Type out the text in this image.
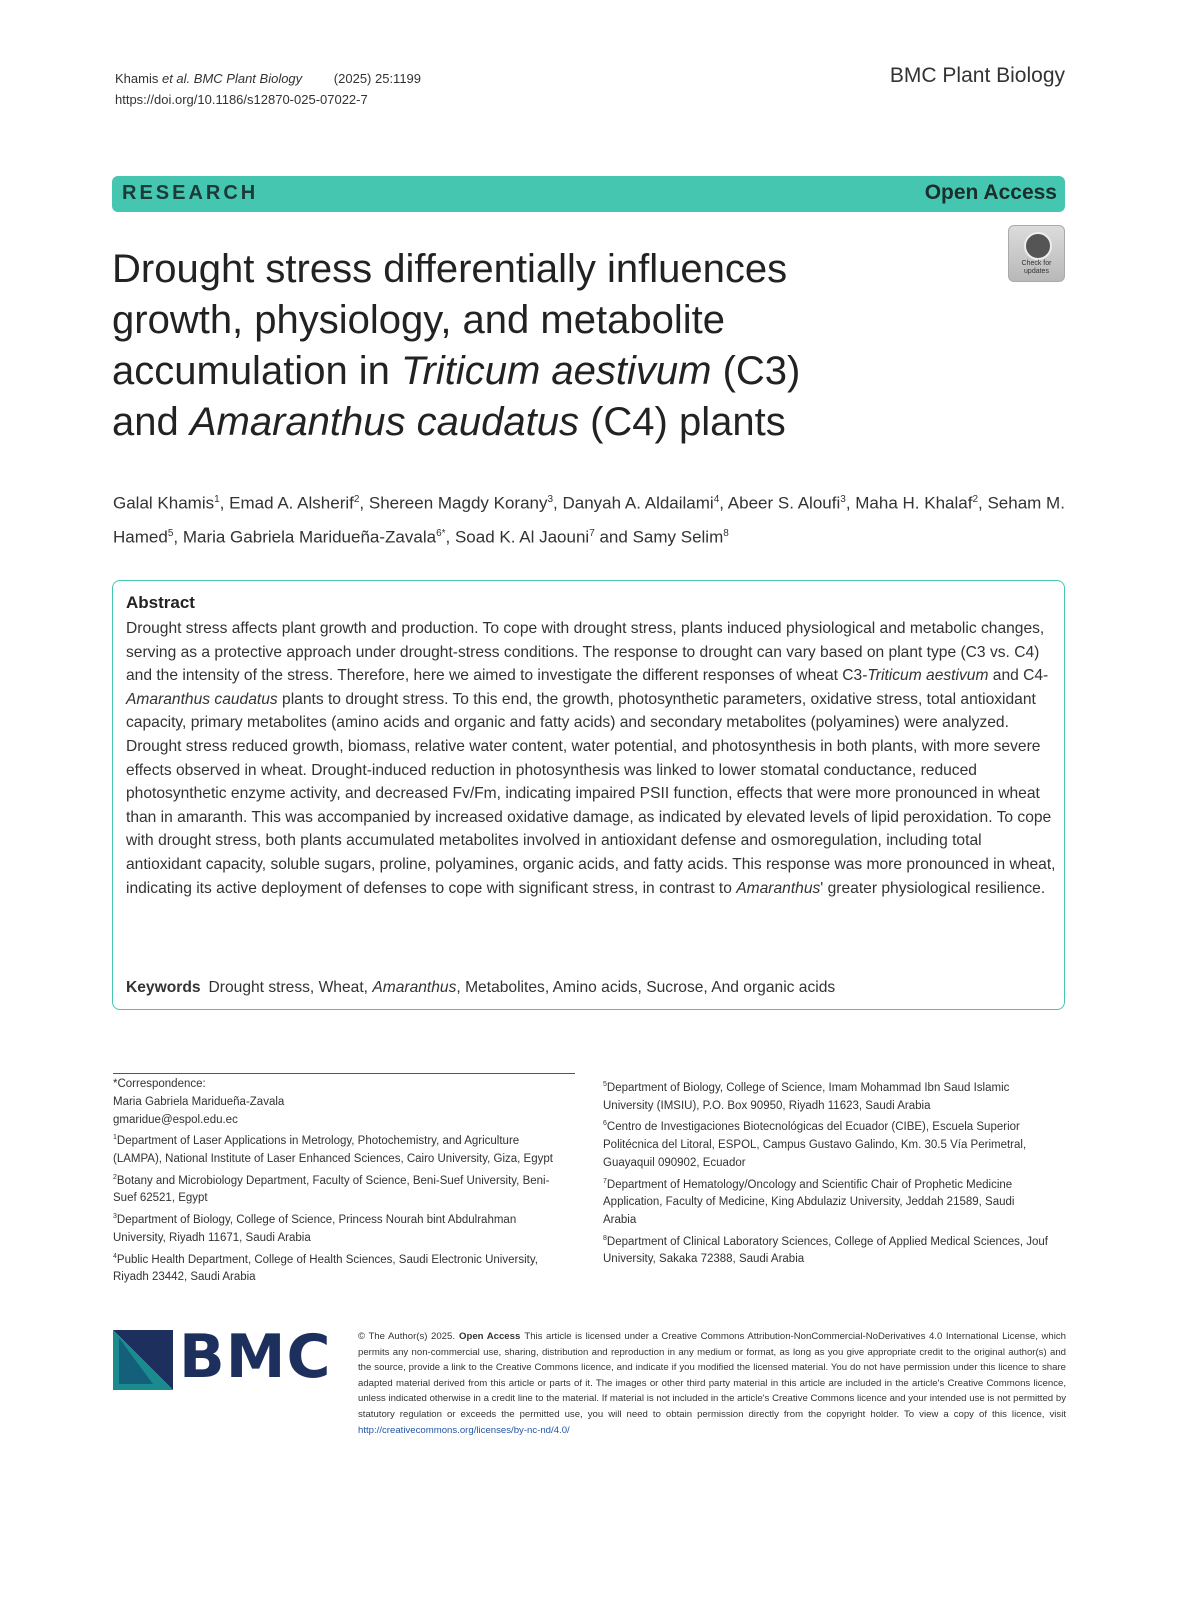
Khamis et al. BMC Plant Biology (2025) 25:1199
https://doi.org/10.1186/s12870-025-07022-7
BMC Plant Biology
RESEARCH	Open Access
Check for
updates
Drought stress differentially influences
growth, physiology, and metabolite
accumulation in Triticum aestivum (C3)
and Amaranthus caudatus (C4) plants
Galal Khamis$^1$, Emad A. Alsherif$^2$, Shereen Magdy Korany$^3$, Danyah A. Aldailami$^4$, Abeer S. Aloufi$^3$, Maha H. Khalaf$^2$, Seham M. Hamed$^5$, Maria Gabriela Maridueña-Zavala$^{6*}$, Soad K. Al Jaouni$^7$ and Samy Selim$^8$
Abstract
Drought stress affects plant growth and production. To cope with drought stress, plants induced physiological and metabolic changes, serving as a protective approach under drought-stress conditions. The response to drought can vary based on plant type (C3 vs. C4) and the intensity of the stress. Therefore, here we aimed to investigate the different responses of wheat C3-Triticum aestivum and C4-Amaranthus caudatus plants to drought stress. To this end, the growth, photosynthetic parameters, oxidative stress, total antioxidant capacity, primary metabolites (amino acids and organic and fatty acids) and secondary metabolites (polyamines) were analyzed. Drought stress reduced growth, biomass, relative water content, water potential, and photosynthesis in both plants, with more severe effects observed in wheat. Drought-induced reduction in photosynthesis was linked to lower stomatal conductance, reduced photosynthetic enzyme activity, and decreased Fv/Fm, indicating impaired PSII function, effects that were more pronounced in wheat than in amaranth. This was accompanied by increased oxidative damage, as indicated by elevated levels of lipid peroxidation. To cope with drought stress, both plants accumulated metabolites involved in antioxidant defense and osmoregulation, including total antioxidant capacity, soluble sugars, proline, polyamines, organic acids, and fatty acids. This response was more pronounced in wheat, indicating its active deployment of defenses to cope with significant stress, in contrast to Amaranthus' greater physiological resilience.
Keywords Drought stress, Wheat, Amaranthus, Metabolites, Amino acids, Sucrose, And organic acids
*Correspondence:
Maria Gabriela Maridueña-Zavala
gmaridue@espol.edu.ec
$^1$Department of Laser Applications in Metrology, Photochemistry, and Agriculture (LAMPA), National Institute of Laser Enhanced Sciences, Cairo University, Giza, Egypt
$^2$Botany and Microbiology Department, Faculty of Science, Beni-Suef University, Beni-Suef 62521, Egypt
$^3$Department of Biology, College of Science, Princess Nourah bint Abdulrahman University, Riyadh 11671, Saudi Arabia
$^4$Public Health Department, College of Health Sciences, Saudi Electronic University, Riyadh 23442, Saudi Arabia
$^5$Department of Biology, College of Science, Imam Mohammad Ibn Saud Islamic University (IMSIU), P.O. Box 90950, Riyadh 11623, Saudi Arabia
$^6$Centro de Investigaciones Biotecnológicas del Ecuador (CIBE), Escuela Superior Politécnica del Litoral, ESPOL, Campus Gustavo Galindo, Km. 30.5 Vía Perimetral, Guayaquil 090902, Ecuador
$^7$Department of Hematology/Oncology and Scientific Chair of Prophetic Medicine Application, Faculty of Medicine, King Abdulaziz University, Jeddah 21589, Saudi Arabia
$^8$Department of Clinical Laboratory Sciences, College of Applied Medical Sciences, Jouf University, Sakaka 72388, Saudi Arabia
BMC	© The Author(s) 2025. Open Access This article is licensed under a Creative Commons Attribution-NonCommercial-NoDerivatives 4.0 International License, which permits any non-commercial use, sharing, distribution and reproduction in any medium or format, as long as you give appropriate credit to the original author(s) and the source, provide a link to the Creative Commons licence, and indicate if you modified the licensed material. You do not have permission under this licence to share adapted material derived from this article or parts of it. The images or other third party material in this article are included in the article's Creative Commons licence, unless indicated otherwise in a credit line to the material. If material is not included in the article's Creative Commons licence and your intended use is not permitted by statutory regulation or exceeds the permitted use, you will need to obtain permission directly from the copyright holder. To view a copy of this licence, visit http://creativecommons.org/licenses/by-nc-nd/4.0/
